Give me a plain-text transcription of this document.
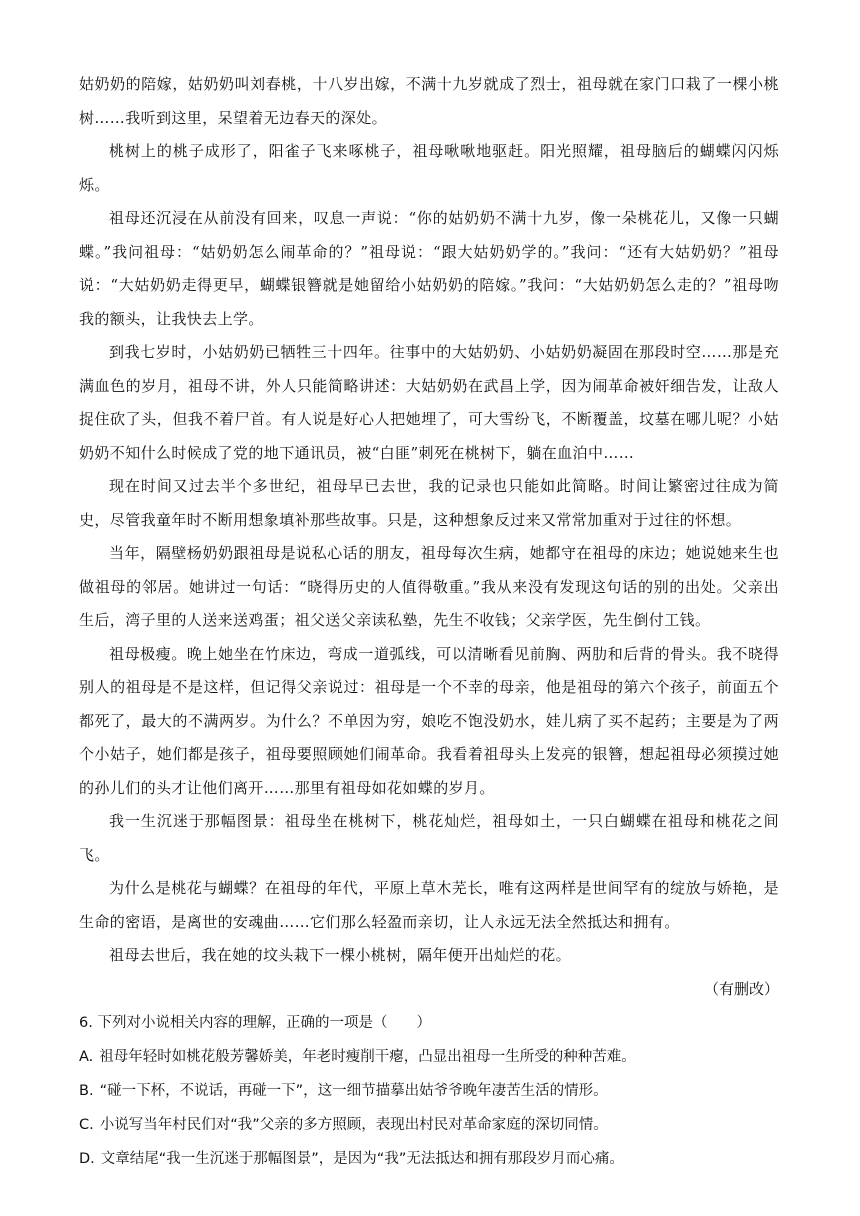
姑奶奶的陪嫁，姑奶奶叫刘春桃，十八岁出嫁，不满十九岁就成了烈士，祖母就在家门口栽了一棵小桃树……我听到这里，呆望着无边春天的深处。

桃树上的桃子成形了，阳雀子飞来啄桃子，祖母啾啾地驱赶。阳光照耀，祖母脑后的蝴蝶闪闪烁烁。

祖母还沉浸在从前没有回来，叹息一声说：“你的姑奶奶不满十九岁，像一朵桃花儿，又像一只蝴蝶。”我问祖母：“姑奶奶怎么闹革命的？”祖母说：“跟大姑奶奶学的。”我问：“还有大姑奶奶？”祖母说：“大姑奶奶走得更早，蝴蝶银簪就是她留给小姑奶奶的陪嫁。”我问：“大姑奶奶怎么走的？”祖母吻我的额头，让我快去上学。

到我七岁时，小姑奶奶已牺牲三十四年。往事中的大姑奶奶、小姑奶奶凝固在那段时空……那是充满血色的岁月，祖母不讲，外人只能简略讲述：大姑奶奶在武昌上学，因为闹革命被奸细告发，让敌人捉住砍了头，但我不着尸首。有人说是好心人把她埋了，可大雪纷飞，不断覆盖，坟墓在哪儿呢？小姑奶奶不知什么时候成了党的地下通讯员，被“白匪”刺死在桃树下，躺在血泊中……

现在时间又过去半个多世纪，祖母早已去世，我的记录也只能如此简略。时间让繁密过往成为简史，尽管我童年时不断用想象填补那些故事。只是，这种想象反过来又常常加重对于过往的怀想。

当年，隔壁杨奶奶跟祖母是说私心话的朋友，祖母每次生病，她都守在祖母的床边；她说她来生也做祖母的邻居。她讲过一句话：“晓得历史的人值得敬重。”我从来没有发现这句话的别的出处。父亲出生后，湾子里的人送来送鸡蛋；祖父送父亲读私塾，先生不收钱；父亲学医，先生倒付工钱。

祖母极瘦。晚上她坐在竹床边，弯成一道弧线，可以清晰看见前胸、两肋和后背的骨头。我不晓得别人的祖母是不是这样，但记得父亲说过：祖母是一个不幸的母亲，他是祖母的第六个孩子，前面五个都死了，最大的不满两岁。为什么？不单因为穷，娘吃不饱没奶水，娃儿病了买不起药；主要是为了两个小姑子，她们都是孩子，祖母要照顾她们闹革命。我看着祖母头上发亮的银簪，想起祖母必须摸过她的孙儿们的头才让他们离开……那里有祖母如花如蝶的岁月。

我一生沉迷于那幅图景：祖母坐在桃树下，桃花灿烂，祖母如土，一只白蝴蝶在祖母和桃花之间飞。

为什么是桃花与蝴蝶？在祖母的年代，平原上草木芜长，唯有这两样是世间罕有的绽放与娇艳，是生命的密语，是离世的安魂曲……它们那么轻盈而亲切，让人永远无法全然抵达和拥有。

祖母去世后，我在她的坟头栽下一棵小桃树，隔年便开出灿烂的花。

（有删改）

6. 下列对小说相关内容的理解，正确的一项是（　　）

A. 祖母年轻时如桃花般芳馨娇美，年老时瘦削干瘪，凸显出祖母一生所受的种种苦难。

B. “碰一下杯，不说话，再碰一下”，这一细节描摹出姑爷爷晚年凄苦生活的情形。

C. 小说写当年村民们对“我”父亲的多方照顾，表现出村民对革命家庭的深切同情。

D. 文章结尾“我一生沉迷于那幅图景”，是因为“我”无法抵达和拥有那段岁月而心痛。
